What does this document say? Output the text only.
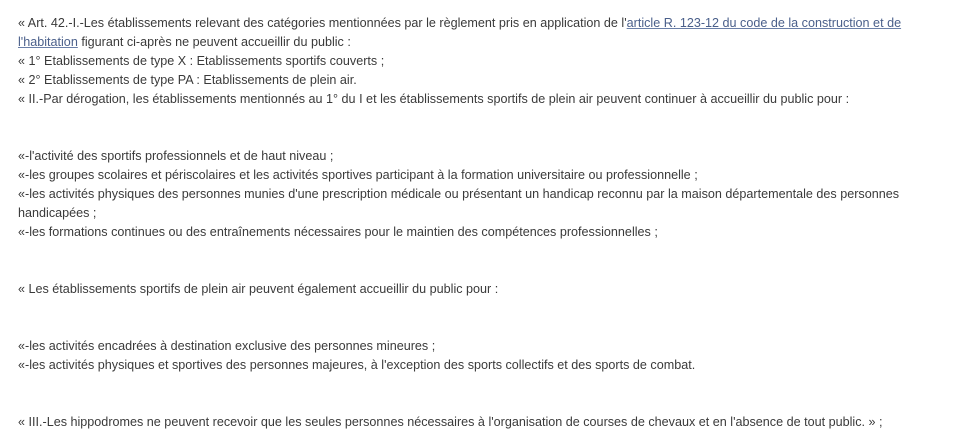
« Art. 42.-I.-Les établissements relevant des catégories mentionnées par le règlement pris en application de l'article R. 123-12 du code de la construction et de l'habitation figurant ci-après ne peuvent accueillir du public :

« 1° Etablissements de type X : Etablissements sportifs couverts ;

« 2° Etablissements de type PA : Etablissements de plein air.

« II.-Par dérogation, les établissements mentionnés au 1° du I et les établissements sportifs de plein air peuvent continuer à accueillir du public pour :

«-l'activité des sportifs professionnels et de haut niveau ;

«-les groupes scolaires et périscolaires et les activités sportives participant à la formation universitaire ou professionnelle ;

«-les activités physiques des personnes munies d'une prescription médicale ou présentant un handicap reconnu par la maison départementale des personnes handicapées ;

«-les formations continues ou des entraînements nécessaires pour le maintien des compétences professionnelles ;

« Les établissements sportifs de plein air peuvent également accueillir du public pour :

«-les activités encadrées à destination exclusive des personnes mineures ;

«-les activités physiques et sportives des personnes majeures, à l'exception des sports collectifs et des sports de combat.

« III.-Les hippodromes ne peuvent recevoir que les seules personnes nécessaires à l'organisation de courses de chevaux et en l'absence de tout public. » ;
